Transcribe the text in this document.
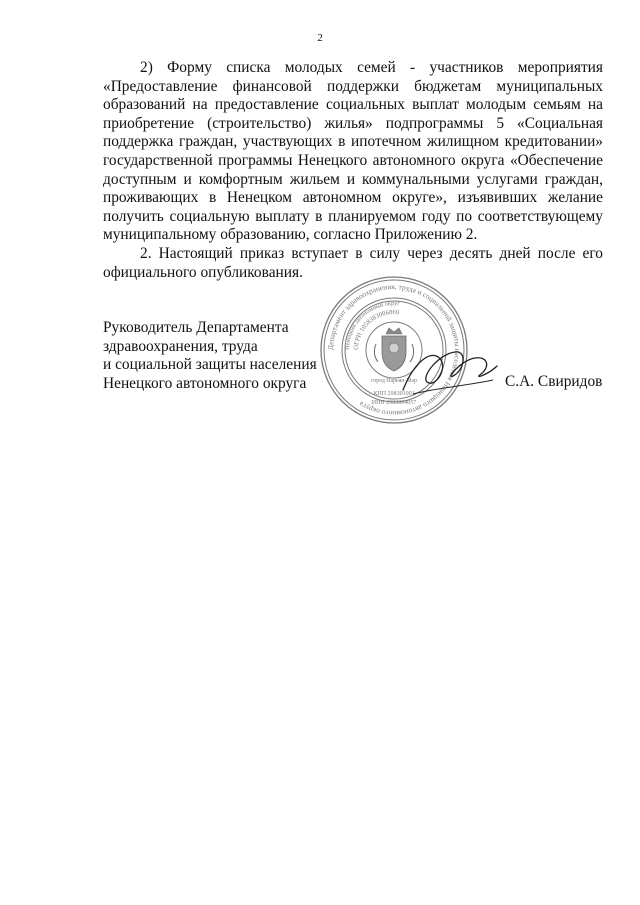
2

2) Форму списка молодых семей - участников мероприятия «Предоставление финансовой поддержки бюджетам муниципальных образований на предоставление социальных выплат молодым семьям на приобретение (строительство) жилья» подпрограммы 5 «Социальная поддержка граждан, участвующих в ипотечном жилищном кредитовании» государственной программы Ненецкого автономного округа «Обеспечение доступным и комфортным жильем и коммунальными услугами граждан, проживающих в Ненецком автономном округе», изъявивших желание получить социальную выплату в планируемом году по соответствующему муниципальному образованию, согласно Приложению 2.

2. Настоящий приказ вступает в силу через десять дней после его официального опубликования.

Департамент здравоохранения, труда и социальной защиты населения Ненецкого автономного округа
Ненецкий автономный округ
ОГРН 1058383006869
город Нарьян-Мар
КПП 298301001
ИНН 2983004057
Руководитель Департамента
здравоохранения, труда
и социальной защиты населения
Ненецкого автономного округа	С.А. Свиридов
